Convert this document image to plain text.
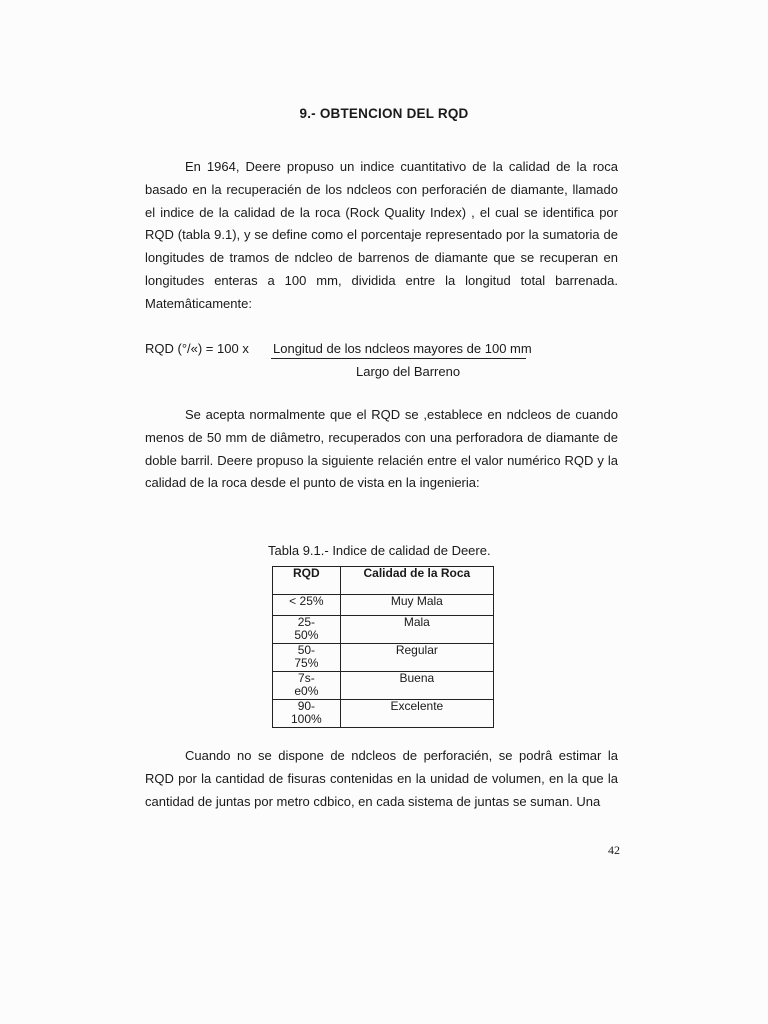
9.- OBTENCION DEL RQD

En 1964, Deere propuso un indice cuantitativo de la calidad de la roca basado en la recuperacién de los ndcleos con perforacién de diamante, llamado el indice de la calidad de la roca (Rock Quality Index) , el cual se identifica por RQD (tabla 9.1), y se define como el porcentaje representado por la sumatoria de longitudes de tramos de ndcleo de barrenos de diamante que se recuperan en longitudes enteras a 100 mm, dividida entre la longitud total barrenada. Matemâticamente:

RQD (°/«) = 100 x Longitud de los ndcleos mayores de 100 mm
Largo del Barreno

Se acepta normalmente que el RQD se ,establece en ndcleos de cuando menos de 50 mm de diâmetro, recuperados con una perforadora de diamante de doble barril. Deere propuso la siguiente relacién entre el valor numérico RQD y la calidad de la roca desde el punto de vista en la ingenieria:

Tabla 9.1.- Indice de calidad de Deere.
RQD	Calidad de la Roca
< 25%	Muy Mala
25-
50%	Mala
50-
75%	Regular
7s-
e0%	Buena
90-
100%	Excelente

Cuando no se dispone de ndcleos de perforacién, se podrâ estimar la RQD por la cantidad de fisuras contenidas en la unidad de volumen, en la que la cantidad de juntas por metro cdbico, en cada sistema de juntas se suman. Una

42
